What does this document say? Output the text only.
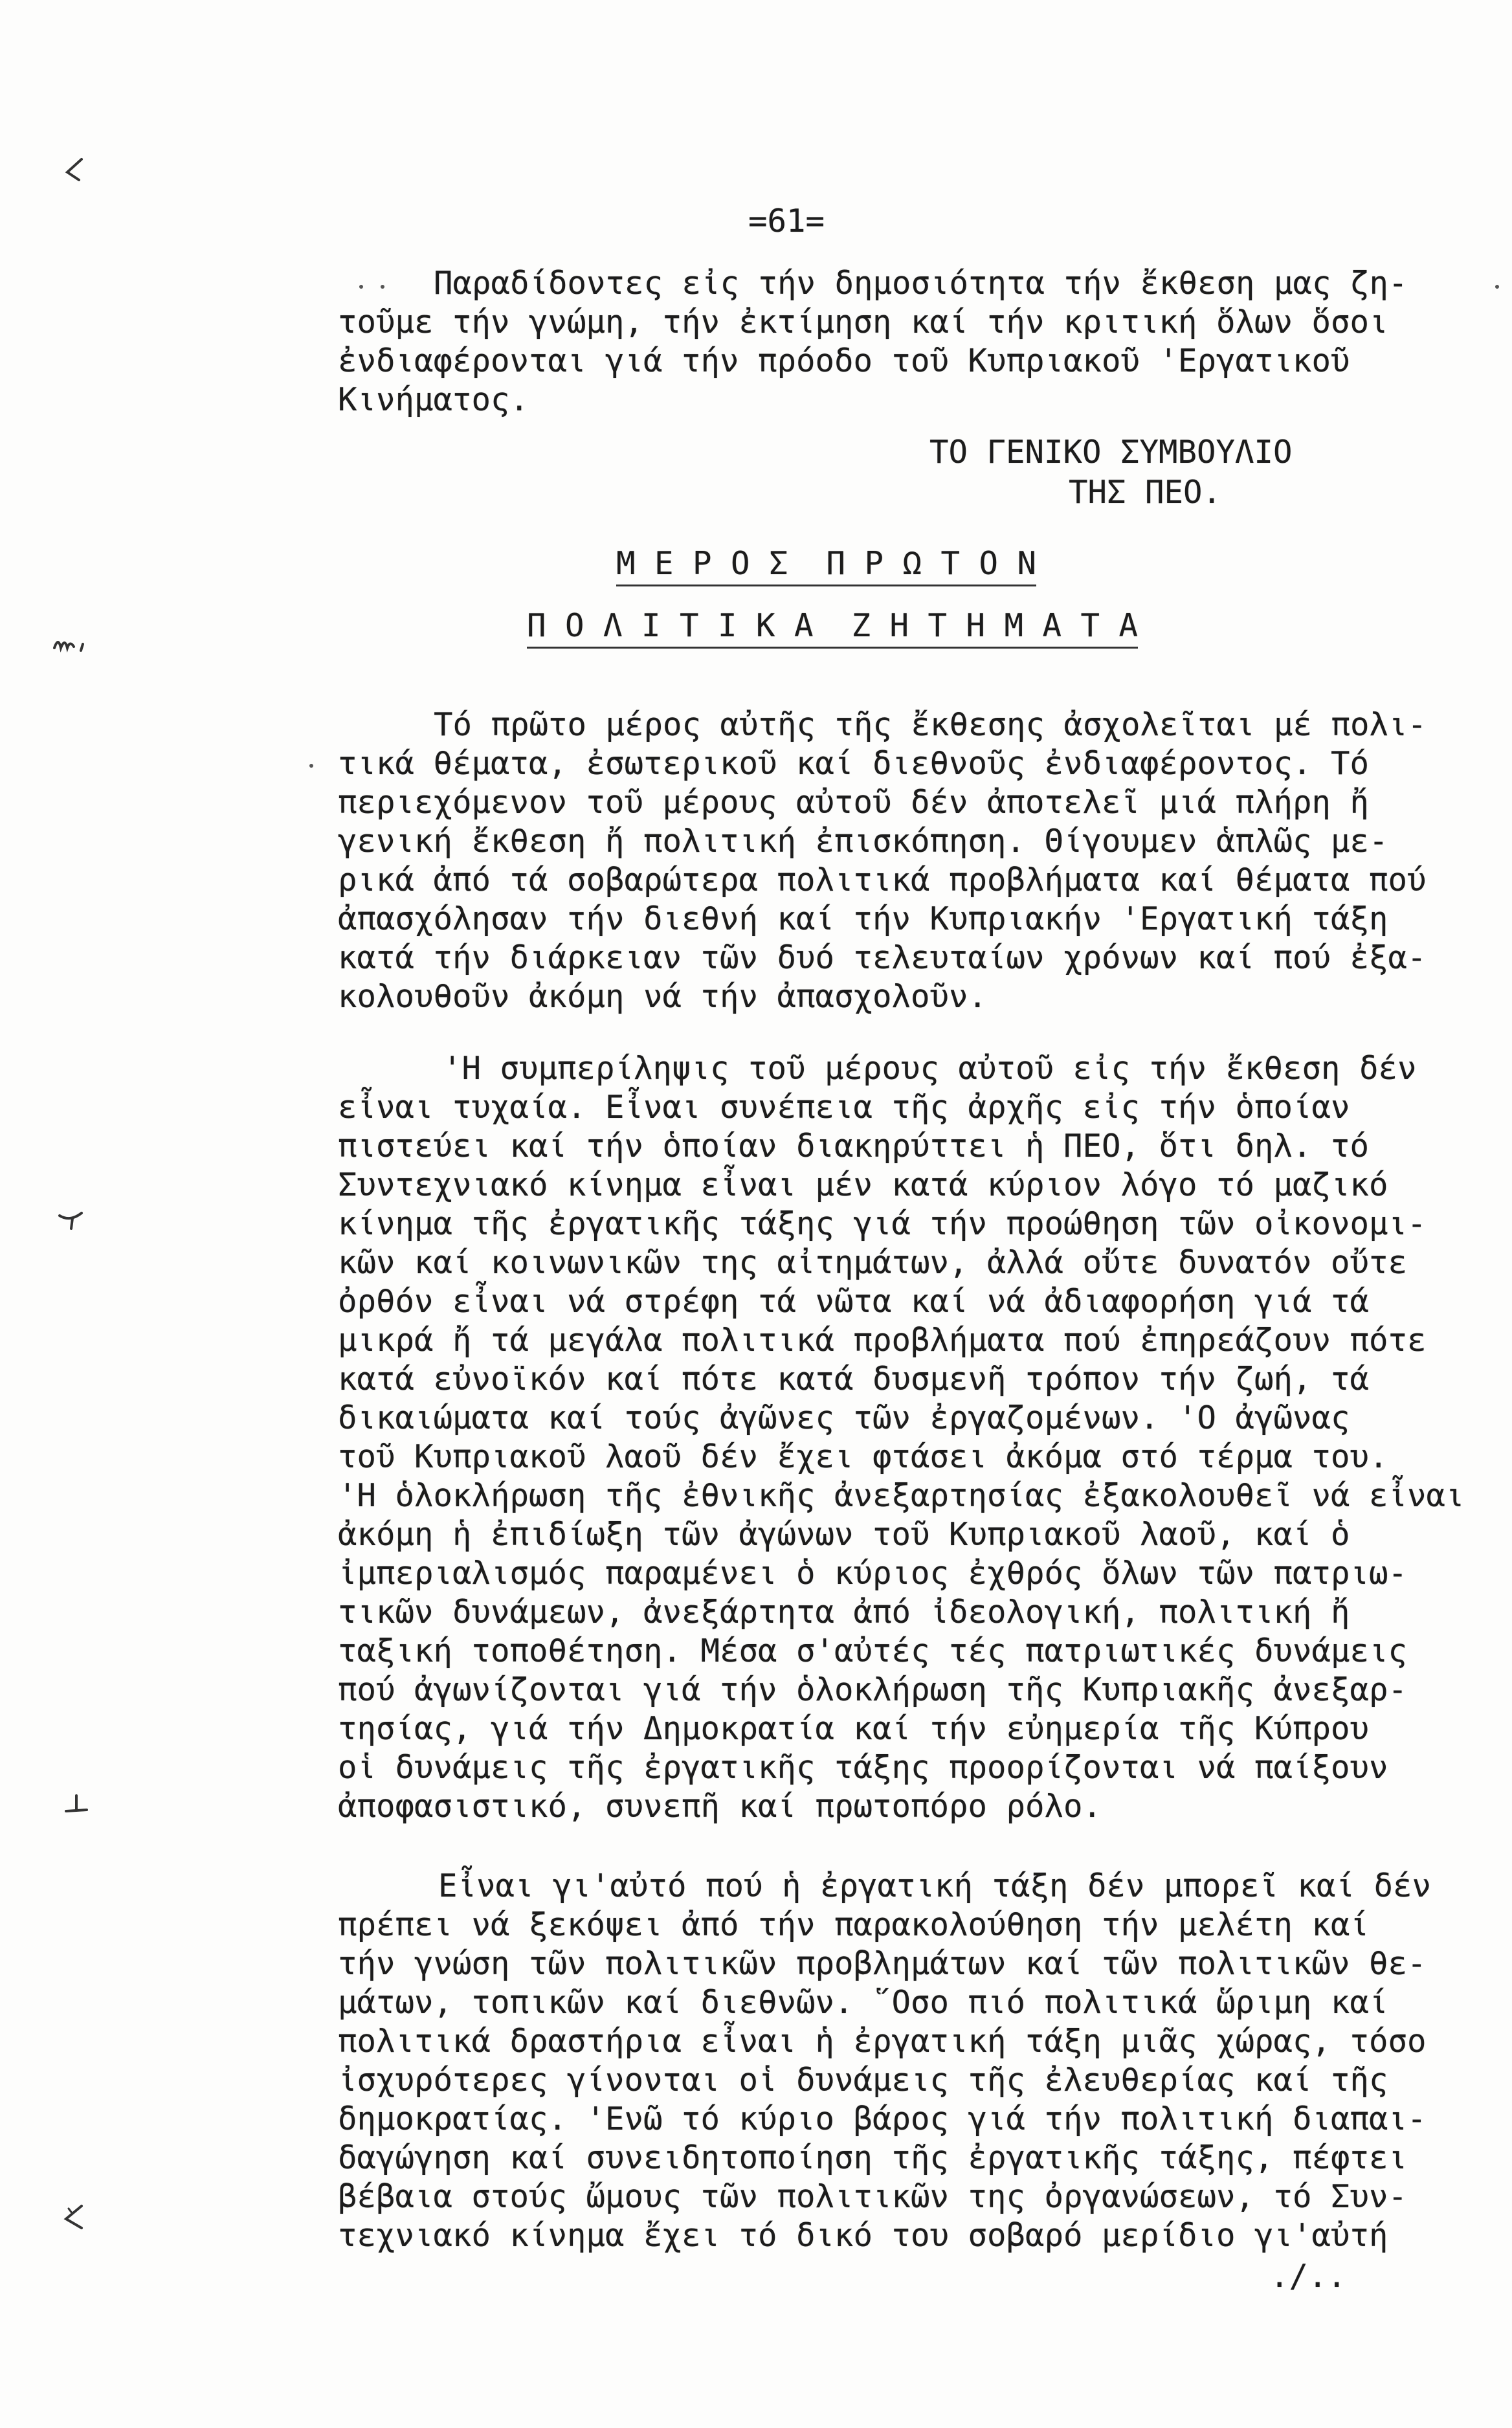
=61=
Παραδίδοντες εἰς τήν δημοσιότητα τήν ἔκθεση μας ζη-
τοῦμε τήν γνώμη, τήν ἐκτίμηση καί τήν κριτική ὅλων ὅσοι
ἐνδιαφέρονται γιά τήν πρόοδο τοῦ Κυπριακοῦ 'Εργατικοῦ
Κινήματος.
ΤΟ ΓΕΝΙΚΟ ΣΥΜΒΟΥΛΙΟ
ΤΗΣ ΠΕΟ.
Μ Ε Ρ Ο Σ  Π Ρ Ω Τ Ο Ν
Π Ο Λ Ι Τ Ι Κ Α  Ζ Η Τ Η Μ Α Τ Α
Τό πρῶτο μέρος αὐτῆς τῆς ἔκθεσης ἀσχολεῖται μέ πολι-
τικά θέματα, ἐσωτερικοῦ καί διεθνοῦς ἐνδιαφέροντος. Τό
περιεχόμενον τοῦ μέρους αὐτοῦ δέν ἀποτελεῖ μιά πλήρη ἤ
γενική ἔκθεση ἤ πολιτική ἐπισκόπηση. Θίγουμεν ἁπλῶς με-
ρικά ἀπό τά σοβαρώτερα πολιτικά προβλήματα καί θέματα πού
ἀπασχόλησαν τήν διεθνή καί τήν Κυπριακήν 'Εργατική τάξη
κατά τήν διάρκειαν τῶν δυό τελευταίων χρόνων καί πού ἐξα-
κολουθοῦν ἀκόμη νά τήν ἀπασχολοῦν.
'Η συμπερίληψις τοῦ μέρους αὐτοῦ εἰς τήν ἔκθεση δέν
εἶναι τυχαία. Εἶναι συνέπεια τῆς ἀρχῆς εἰς τήν ὁποίαν
πιστεύει καί τήν ὁποίαν διακηρύττει ἡ ΠΕΟ, ὅτι δηλ. τό
Συντεχνιακό κίνημα εἶναι μέν κατά κύριον λόγο τό μαζικό
κίνημα τῆς ἐργατικῆς τάξης γιά τήν προώθηση τῶν οἰκονομι-
κῶν καί κοινωνικῶν της αἰτημάτων, ἀλλά οὔτε δυνατόν οὔτε
ὀρθόν εἶναι νά στρέφη τά νῶτα καί νά ἀδιαφορήση γιά τά
μικρά ἤ τά μεγάλα πολιτικά προβλήματα πού ἐπηρεάζουν πότε
κατά εὐνοϊκόν καί πότε κατά δυσμενῆ τρόπον τήν ζωή, τά
δικαιώματα καί τούς ἀγῶνες τῶν ἐργαζομένων. 'Ο ἀγῶνας
τοῦ Κυπριακοῦ λαοῦ δέν ἔχει φτάσει ἀκόμα στό τέρμα του.
'Η ὁλοκλήρωση τῆς ἐθνικῆς ἀνεξαρτησίας ἐξακολουθεῖ νά εἶναι
ἀκόμη ἡ ἐπιδίωξη τῶν ἀγώνων τοῦ Κυπριακοῦ λαοῦ, καί ὁ
ἰμπεριαλισμός παραμένει ὁ κύριος ἐχθρός ὅλων τῶν πατριω-
τικῶν δυνάμεων, ἀνεξάρτητα ἀπό ἰδεολογική, πολιτική ἤ
ταξική τοποθέτηση. Μέσα σ'αὐτές τές πατριωτικές δυνάμεις
πού ἀγωνίζονται γιά τήν ὁλοκλήρωση τῆς Κυπριακῆς ἀνεξαρ-
τησίας, γιά τήν Δημοκρατία καί τήν εὐημερία τῆς Κύπρου
οἱ δυνάμεις τῆς ἐργατικῆς τάξης προορίζονται νά παίξουν
ἀποφασιστικό, συνεπῆ καί πρωτοπόρο ρόλο.
Εἶναι γι'αὐτό πού ἡ ἐργατική τάξη δέν μπορεῖ καί δέν
πρέπει νά ξεκόψει ἀπό τήν παρακολούθηση τήν μελέτη καί
τήν γνώση τῶν πολιτικῶν προβλημάτων καί τῶν πολιτικῶν θε-
μάτων, τοπικῶν καί διεθνῶν. ῞Οσο πιό πολιτικά ὥριμη καί
πολιτικά δραστήρια εἶναι ἡ ἐργατική τάξη μιᾶς χώρας, τόσο
ἰσχυρότερες γίνονται οἱ δυνάμεις τῆς ἐλευθερίας καί τῆς
δημοκρατίας. 'Ενῶ τό κύριο βάρος γιά τήν πολιτική διαπαι-
δαγώγηση καί συνειδητοποίηση τῆς ἐργατικῆς τάξης, πέφτει
βέβαια στούς ὤμους τῶν πολιτικῶν της ὀργανώσεων, τό Συν-
τεχνιακό κίνημα ἔχει τό δικό του σοβαρό μερίδιο γι'αὐτή
./..
